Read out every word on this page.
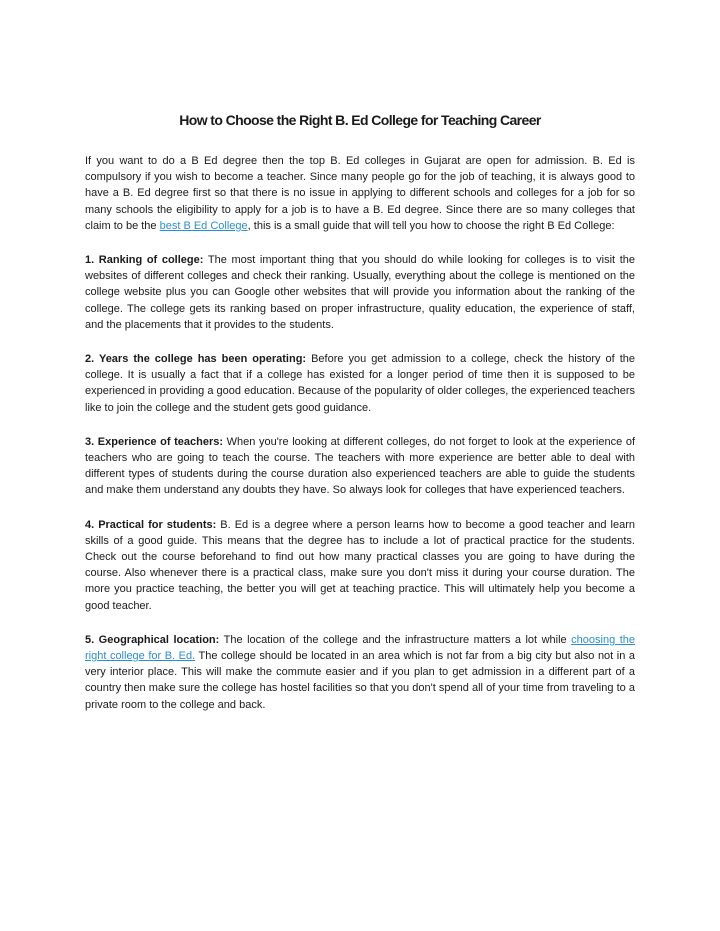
How to Choose the Right B. Ed College for Teaching Career

If you want to do a B Ed degree then the top B. Ed colleges in Gujarat are open for admission. B. Ed is compulsory if you wish to become a teacher. Since many people go for the job of teaching, it is always good to have a B. Ed degree first so that there is no issue in applying to different schools and colleges for a job for so many schools the eligibility to apply for a job is to have a B. Ed degree. Since there are so many colleges that claim to be the best B Ed College, this is a small guide that will tell you how to choose the right B Ed College:

1. Ranking of college: The most important thing that you should do while looking for colleges is to visit the websites of different colleges and check their ranking. Usually, everything about the college is mentioned on the college website plus you can Google other websites that will provide you information about the ranking of the college. The college gets its ranking based on proper infrastructure, quality education, the experience of staff, and the placements that it provides to the students.

2. Years the college has been operating: Before you get admission to a college, check the history of the college. It is usually a fact that if a college has existed for a longer period of time then it is supposed to be experienced in providing a good education. Because of the popularity of older colleges, the experienced teachers like to join the college and the student gets good guidance.

3. Experience of teachers: When you're looking at different colleges, do not forget to look at the experience of teachers who are going to teach the course. The teachers with more experience are better able to deal with different types of students during the course duration also experienced teachers are able to guide the students and make them understand any doubts they have. So always look for colleges that have experienced teachers.

4. Practical for students: B. Ed is a degree where a person learns how to become a good teacher and learn skills of a good guide. This means that the degree has to include a lot of practical practice for the students. Check out the course beforehand to find out how many practical classes you are going to have during the course. Also whenever there is a practical class, make sure you don't miss it during your course duration. The more you practice teaching, the better you will get at teaching practice. This will ultimately help you become a good teacher.

5. Geographical location: The location of the college and the infrastructure matters a lot while choosing the right college for B. Ed. The college should be located in an area which is not far from a big city but also not in a very interior place. This will make the commute easier and if you plan to get admission in a different part of a country then make sure the college has hostel facilities so that you don't spend all of your time from traveling to a private room to the college and back.
